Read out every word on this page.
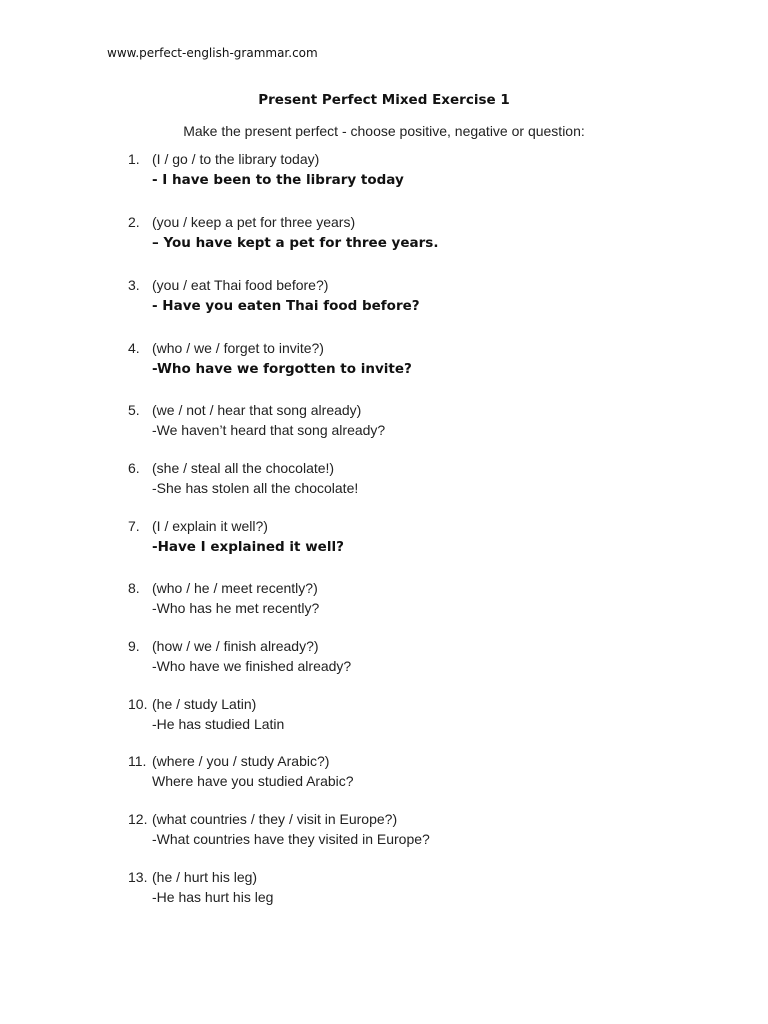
www.perfect-english-grammar.com
Present Perfect Mixed Exercise 1
Make the present perfect - choose positive, negative or question:
1. (I / go / to the library today)
- I have been to the library today
2. (you / keep a pet for three years)
– You have kept a pet for three years.
3. (you / eat Thai food before?)
- Have you eaten Thai food before?
4. (who / we / forget to invite?)
-Who have we forgotten to invite?
5. (we / not / hear that song already)
-We haven’t heard that song already?
6. (she / steal all the chocolate!)
-She has stolen all the chocolate!
7. (I / explain it well?)
-Have I explained it well?
8. (who / he / meet recently?)
-Who has he met recently?
9. (how / we / finish already?)
-Who have we finished already?
10. (he / study Latin)
-He has studied Latin
11. (where / you / study Arabic?)
Where have you studied Arabic?
12. (what countries / they / visit in Europe?)
-What countries have they visited in Europe?
13. (he / hurt his leg)
-He has hurt his leg
